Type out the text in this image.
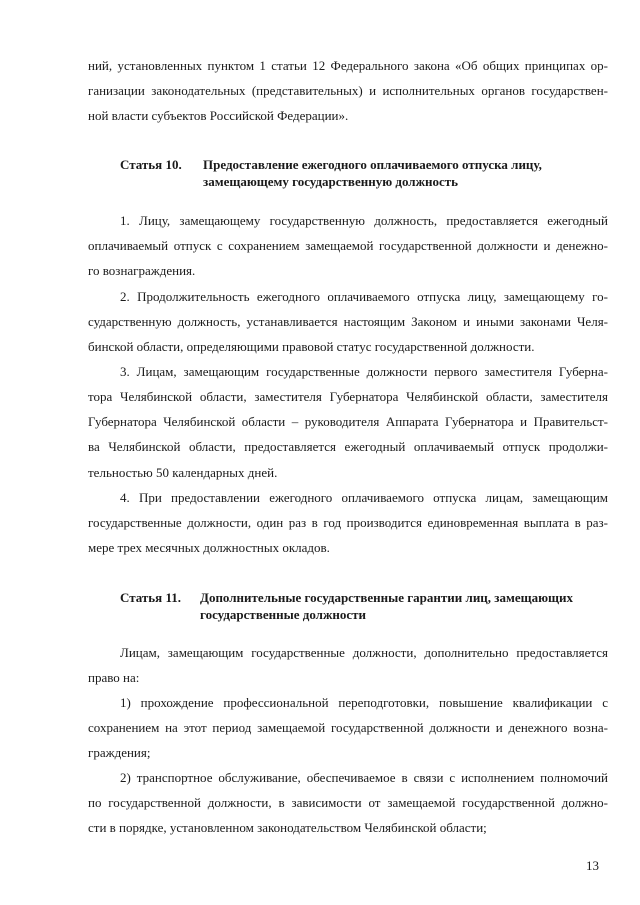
ний, установленных пунктом 1 статьи 12 Федерального закона «Об общих принципах ор-
ганизации законодательных (представительных) и исполнительных органов государствен-
ной власти субъектов Российской Федерации».
Статья 10. Предоставление ежегодного оплачиваемого отпуска лицу,
замещающему государственную должность
1. Лицу, замещающему государственную должность, предоставляется ежегодный
оплачиваемый отпуск с сохранением замещаемой государственной должности и денежно-
го вознаграждения.
2. Продолжительность ежегодного оплачиваемого отпуска лицу, замещающему го-
сударственную должность, устанавливается настоящим Законом и иными законами Челя-
бинской области, определяющими правовой статус государственной должности.
3. Лицам, замещающим государственные должности первого заместителя Губерна-
тора Челябинской области, заместителя Губернатора Челябинской области, заместителя
Губернатора Челябинской области – руководителя Аппарата Губернатора и Правительст-
ва Челябинской области, предоставляется ежегодный оплачиваемый отпуск продолжи-
тельностью 50 календарных дней.
4. При предоставлении ежегодного оплачиваемого отпуска лицам, замещающим
государственные должности, один раз в год производится единовременная выплата в раз-
мере трех месячных должностных окладов.
Статья 11. Дополнительные государственные гарантии лиц, замещающих
государственные должности
Лицам, замещающим государственные должности, дополнительно предоставляется
право на:
1) прохождение профессиональной переподготовки, повышение квалификации с
сохранением на этот период замещаемой государственной должности и денежного возна-
граждения;
2) транспортное обслуживание, обеспечиваемое в связи с исполнением полномочий
по государственной должности, в зависимости от замещаемой государственной должно-
сти в порядке, установленном законодательством Челябинской области;
13
